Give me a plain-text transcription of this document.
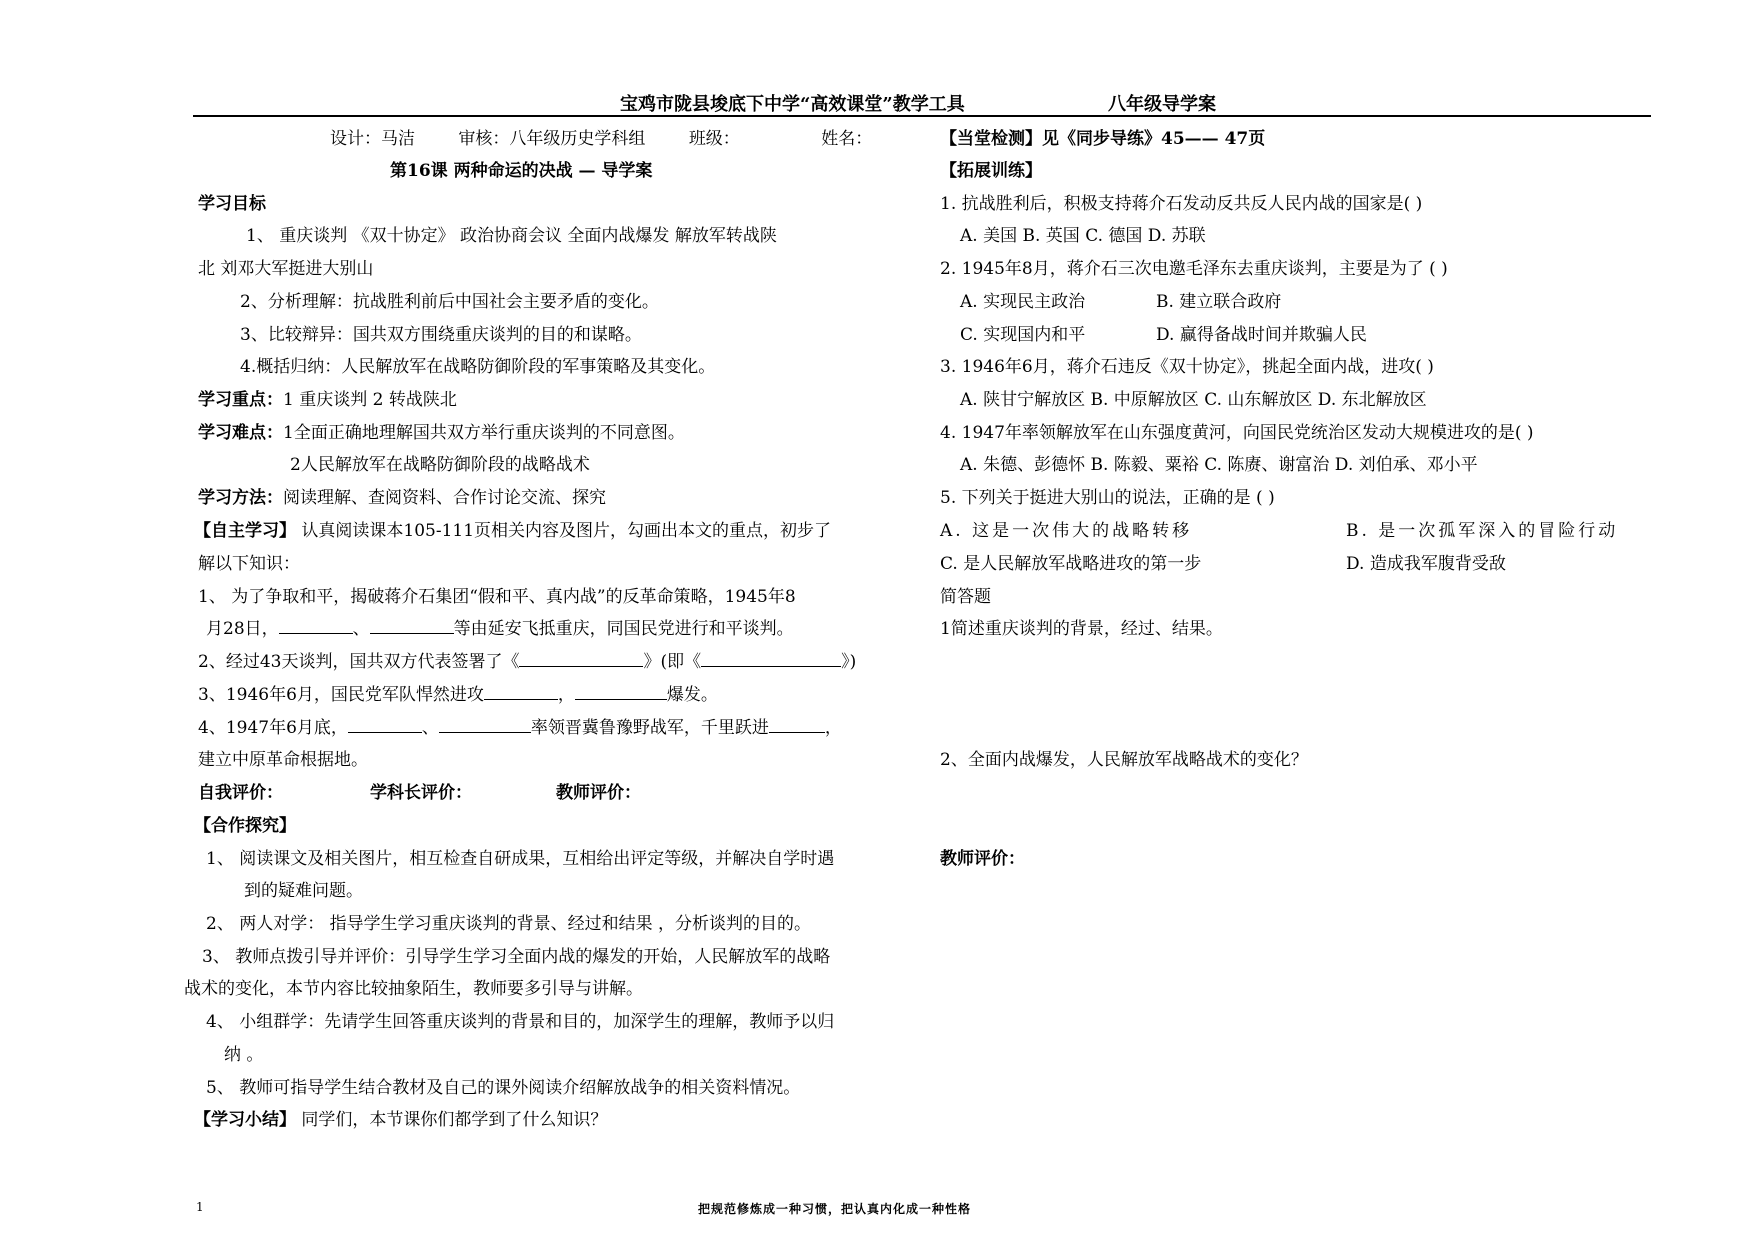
宝鸡市陇县埈底下中学“高效课堂”教学工具	八年级导学案
设计：马洁	审核：八年级历史学科组	班级：	姓名：
第16课 两种命运的决战 — 导学案
学习目标
1、 重庆谈判 《双十协定》 政治协商会议 全面内战爆发 解放军转战陕
北 刘邓大军挺进大别山
2、分析理解：抗战胜利前后中国社会主要矛盾的变化。
3、比较辩异：国共双方围绕重庆谈判的目的和谋略。
4.概括归纳：人民解放军在战略防御阶段的军事策略及其变化。
学习重点：1 重庆谈判 2 转战陕北
学习难点：1全面正确地理解国共双方举行重庆谈判的不同意图。
2人民解放军在战略防御阶段的战略战术
学习方法：阅读理解、查阅资料、合作讨论交流、探究
【自主学习】 认真阅读课本105-111页相关内容及图片，勾画出本文的重点，初步了
解以下知识：
1、 为了争取和平，揭破蒋介石集团“假和平、真内战”的反革命策略，1945年8
月28日，	、	等由延安飞抵重庆，同国民党进行和平谈判。
2、经过43天谈判，国共双方代表签署了《	》(即《	》)
3、1946年6月，国民党军队悍然进攻	，	爆发。
4、1947年6月底，	、	率领晋冀鲁豫野战军，千里跃进	，
建立中原革命根据地。
自我评价：	学科长评价：	教师评价：
【合作探究】
1、 阅读课文及相关图片，相互检查自研成果，互相给出评定等级，并解决自学时遇
到的疑难问题。
2、 两人对学： 指导学生学习重庆谈判的背景、经过和结果 ，分析谈判的目的。
3、 教师点拨引导并评价：引导学生学习全面内战的爆发的开始，人民解放军的战略
战术的变化，本节内容比较抽象陌生，教师要多引导与讲解。
4、 小组群学：先请学生回答重庆谈判的背景和目的，加深学生的理解，教师予以归
纳 。
5、 教师可指导学生结合教材及自己的课外阅读介绍解放战争的相关资料情况。
【学习小结】 同学们，本节课你们都学到了什么知识？
【当堂检测】见《同步导练》45—— 47页
【拓展训练】
1. 抗战胜利后，积极支持蒋介石发动反共反人民内战的国家是( )
A. 美国 B. 英国 C. 德国 D. 苏联
2. 1945年8月，蒋介石三次电邀毛泽东去重庆谈判，主要是为了 ( )
A. 实现民主政治	B. 建立联合政府
C. 实现国内和平	D. 赢得备战时间并欺骗人民
3. 1946年6月，蒋介石违反《双十协定》，挑起全面内战，进攻( )
A. 陕甘宁解放区 B. 中原解放区 C. 山东解放区 D. 东北解放区
4. 1947年率领解放军在山东强度黄河，向国民党统治区发动大规模进攻的是( )
A. 朱德、彭德怀 B. 陈毅、粟裕 C. 陈赓、谢富治 D. 刘伯承、邓小平
5. 下列关于挺进大别山的说法，正确的是 ( )
A. 这是一次伟大的战略转移	B. 是一次孤军深入的冒险行动
C. 是人民解放军战略进攻的第一步	D. 造成我军腹背受敌
简答题
1简述重庆谈判的背景，经过、结果。
2、全面内战爆发，人民解放军战略战术的变化？
教师评价：
1	把规范修炼成一种习惯，把认真内化成一种性格
